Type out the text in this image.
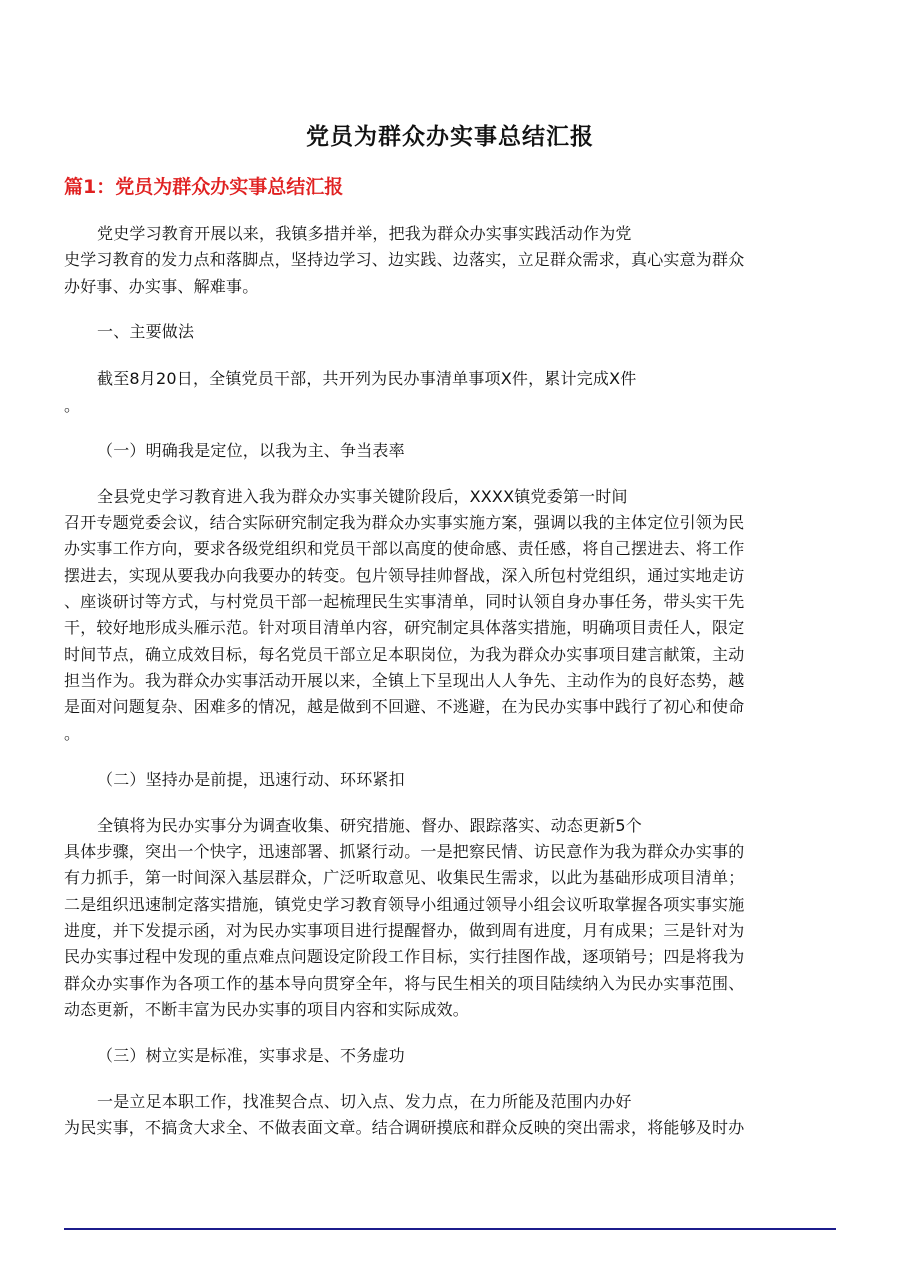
党员为群众办实事总结汇报
篇1：党员为群众办实事总结汇报
党史学习教育开展以来，我镇多措并举，把我为群众办实事实践活动作为党
史学习教育的发力点和落脚点，坚持边学习、边实践、边落实，立足群众需求，真心实意为群众
办好事、办实事、解难事。
一、主要做法
截至8月20日，全镇党员干部，共开列为民办事清单事项X件，累计完成X件
。
（一）明确我是定位，以我为主、争当表率
全县党史学习教育进入我为群众办实事关键阶段后，XXXX镇党委第一时间
召开专题党委会议，结合实际研究制定我为群众办实事实施方案，强调以我的主体定位引领为民
办实事工作方向，要求各级党组织和党员干部以高度的使命感、责任感，将自己摆进去、将工作
摆进去，实现从要我办向我要办的转变。包片领导挂帅督战，深入所包村党组织，通过实地走访
、座谈研讨等方式，与村党员干部一起梳理民生实事清单，同时认领自身办事任务，带头实干先
干，较好地形成头雁示范。针对项目清单内容，研究制定具体落实措施，明确项目责任人，限定
时间节点，确立成效目标，每名党员干部立足本职岗位，为我为群众办实事项目建言献策，主动
担当作为。我为群众办实事活动开展以来，全镇上下呈现出人人争先、主动作为的良好态势，越
是面对问题复杂、困难多的情况，越是做到不回避、不逃避，在为民办实事中践行了初心和使命
。
（二）坚持办是前提，迅速行动、环环紧扣
全镇将为民办实事分为调查收集、研究措施、督办、跟踪落实、动态更新5个
具体步骤，突出一个快字，迅速部署、抓紧行动。一是把察民情、访民意作为我为群众办实事的
有力抓手，第一时间深入基层群众，广泛听取意见、收集民生需求，以此为基础形成项目清单；
二是组织迅速制定落实措施，镇党史学习教育领导小组通过领导小组会议听取掌握各项实事实施
进度，并下发提示函，对为民办实事项目进行提醒督办，做到周有进度，月有成果；三是针对为
民办实事过程中发现的重点难点问题设定阶段工作目标，实行挂图作战，逐项销号；四是将我为
群众办实事作为各项工作的基本导向贯穿全年，将与民生相关的项目陆续纳入为民办实事范围、
动态更新，不断丰富为民办实事的项目内容和实际成效。
（三）树立实是标准，实事求是、不务虚功
一是立足本职工作，找准契合点、切入点、发力点，在力所能及范围内办好
为民实事，不搞贪大求全、不做表面文章。结合调研摸底和群众反映的突出需求，将能够及时办
